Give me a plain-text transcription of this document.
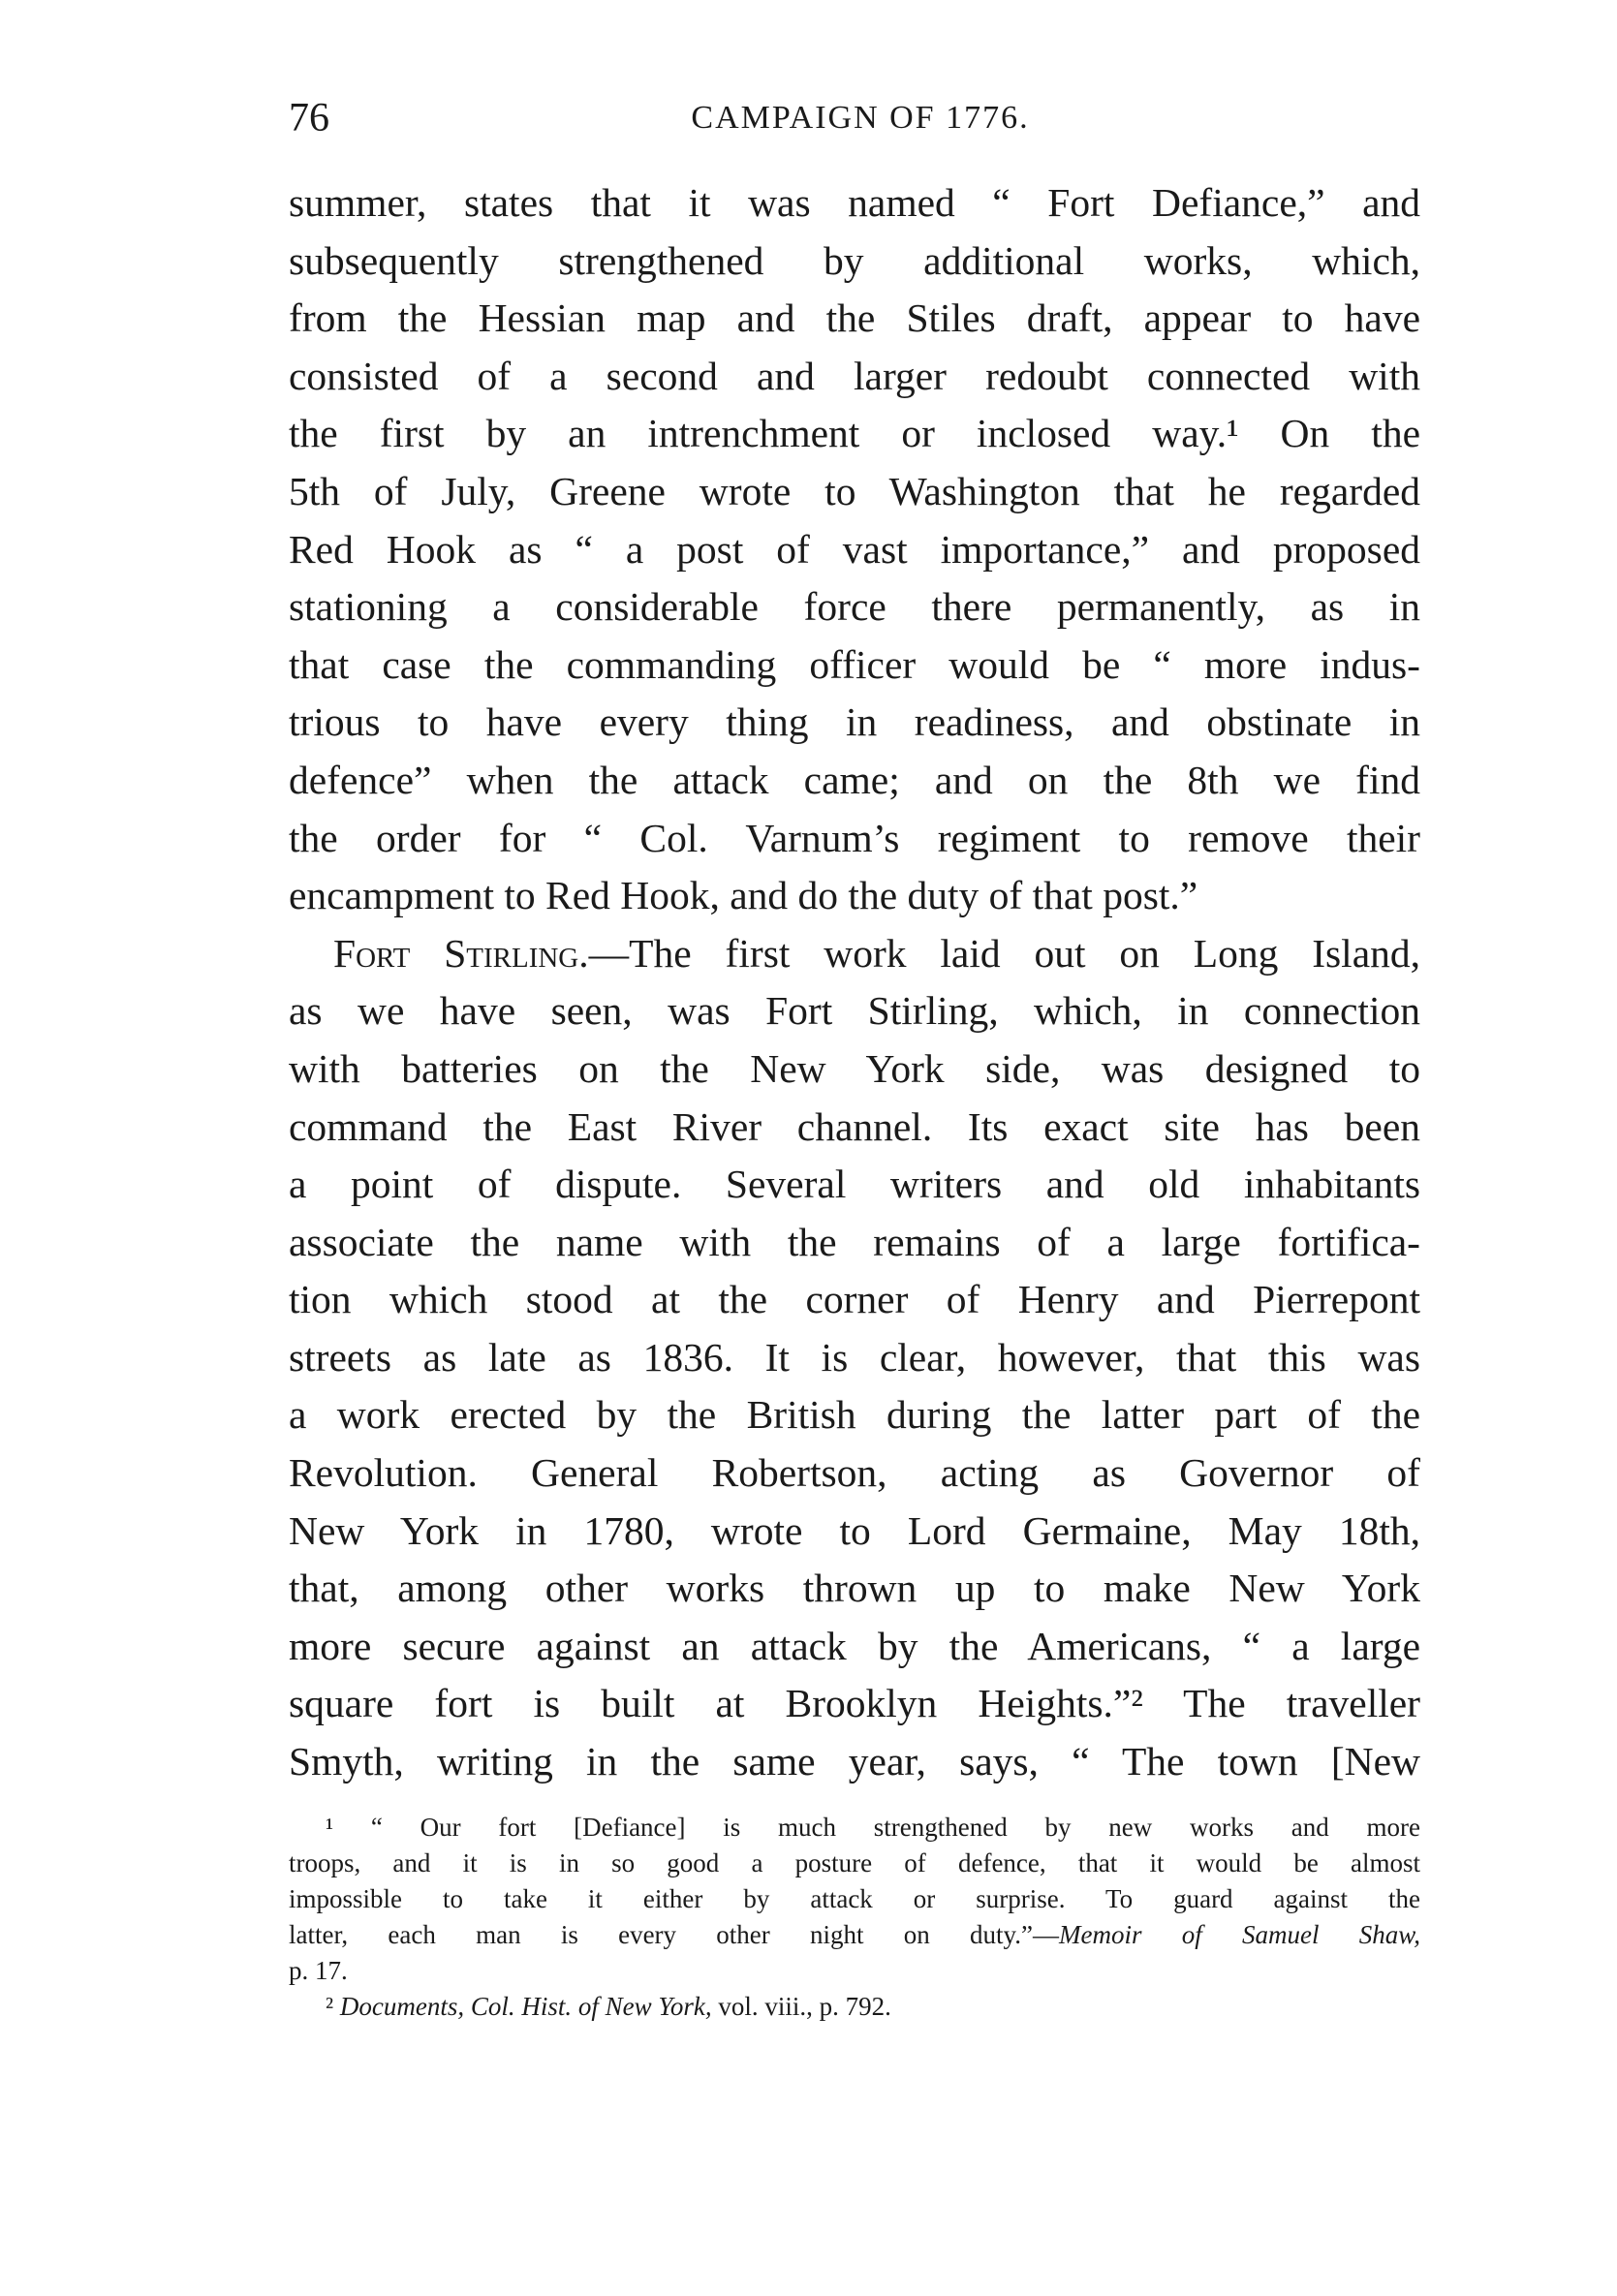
76	CAMPAIGN OF 1776.
summer, states that it was named “ Fort Defiance,” and
subsequently strengthened by additional works, which,
from the Hessian map and the Stiles draft, appear to have
consisted of a second and larger redoubt connected with
the first by an intrenchment or inclosed way.¹ On the
5th of July, Greene wrote to Washington that he regarded
Red Hook as “ a post of vast importance,” and proposed
stationing a considerable force there permanently, as in
that case the commanding officer would be “ more indus-
trious to have every thing in readiness, and obstinate in
defence” when the attack came; and on the 8th we find
the order for “ Col. Varnum’s regiment to remove their
encampment to Red Hook, and do the duty of that post.”
Fort Stirling.—The first work laid out on Long Island,
as we have seen, was Fort Stirling, which, in connection
with batteries on the New York side, was designed to
command the East River channel. Its exact site has been
a point of dispute. Several writers and old inhabitants
associate the name with the remains of a large fortifica-
tion which stood at the corner of Henry and Pierrepont
streets as late as 1836. It is clear, however, that this was
a work erected by the British during the latter part of the
Revolution. General Robertson, acting as Governor of
New York in 1780, wrote to Lord Germaine, May 18th,
that, among other works thrown up to make New York
more secure against an attack by the Americans, “ a large
square fort is built at Brooklyn Heights.”² The traveller
Smyth, writing in the same year, says, “ The town [New
¹ “ Our fort [Defiance] is much strengthened by new works and more
troops, and it is in so good a posture of defence, that it would be almost
impossible to take it either by attack or surprise. To guard against the
latter, each man is every other night on duty.”—Memoir of Samuel Shaw,
p. 17.
² Documents, Col. Hist. of New York, vol. viii., p. 792.
